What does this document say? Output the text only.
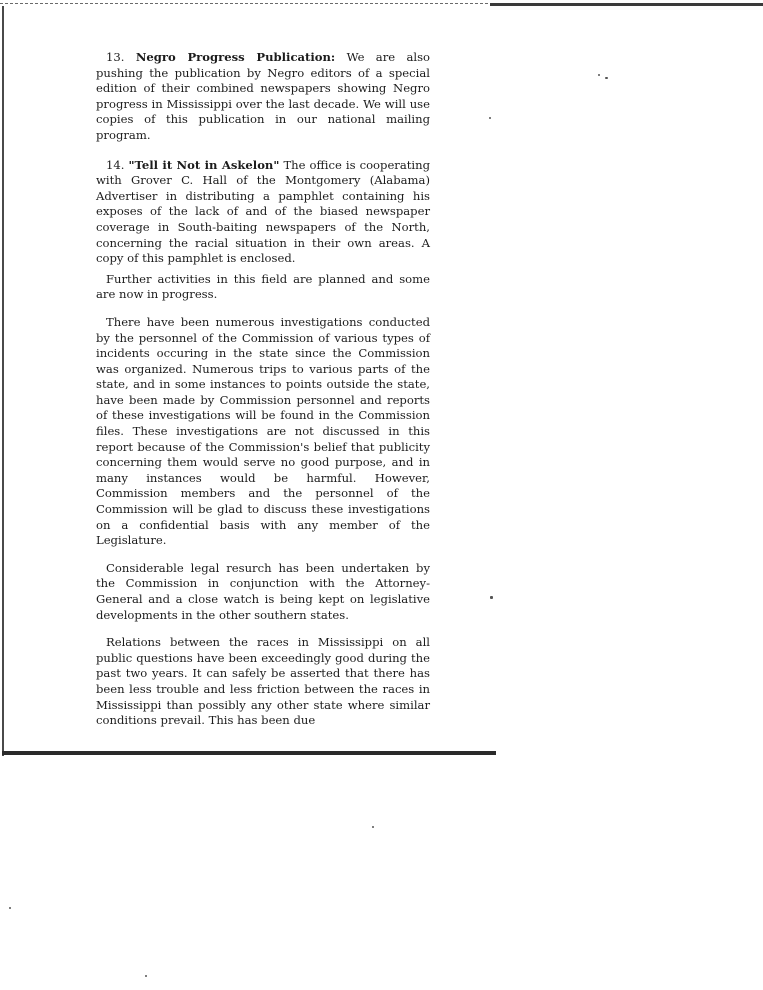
13. Negro Progress Publication: We are also pushing the publication by Negro editors of a special edition of their combined newspapers showing Negro progress in Mississippi over the last decade. We will use copies of this publication in our national mailing program.

14. "Tell it Not in Askelon" The office is cooperating with Grover C. Hall of the Montgomery (Alabama) Advertiser in distributing a pamphlet containing his exposes of the lack of and of the biased newspaper coverage in South-baiting newspapers of the North, concerning the racial situation in their own areas. A copy of this pamphlet is enclosed.

Further activities in this field are planned and some are now in progress.

There have been numerous investigations conducted by the personnel of the Commission of various types of incidents occuring in the state since the Commission was organized. Numerous trips to various parts of the state, and in some instances to points outside the state, have been made by Commission personnel and reports of these investigations will be found in the Commission files. These investigations are not discussed in this report because of the Commission's belief that publicity concerning them would serve no good purpose, and in many instances would be harmful. However, Commission members and the personnel of the Commission will be glad to discuss these investigations on a confidential basis with any member of the Legislature.

Considerable legal resurch has been undertaken by the Commission in conjunction with the Attorney-General and a close watch is being kept on legislative developments in the other southern states.

Relations between the races in Mississippi on all public questions have been exceedingly good during the past two years. It can safely be asserted that there has been less trouble and less friction between the races in Mississippi than possibly any other state where similar conditions prevail. This has been due
